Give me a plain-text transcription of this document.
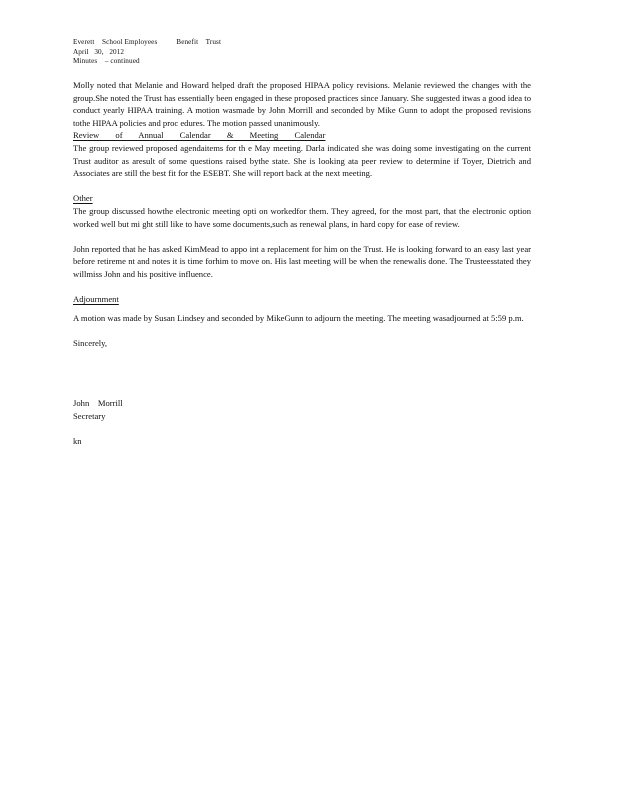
Everett    School Employees          Benefit    Trust
April   30,   2012
Minutes    – continued

Molly noted that Melanie and Howard helped draft the proposed HIPAA policy revisions. Melanie reviewed the changes with the group.She noted the Trust has essentially been engaged in these proposed practices since January. She suggested itwas a good idea to conduct yearly HIPAA training. A motion wasmade by John Morrill and seconded by Mike Gunn to adopt the proposed revisions tothe HIPAA policies and proc edures. The motion passed unanimously.

Review of Annual Calendar & Meeting Calendar

The group reviewed proposed agendaitems for th e May meeting. Darla indicated she was doing some investigating on the current Trust auditor as aresult of some questions raised bythe state. She is looking ata peer review to determine if Toyer, Dietrich and Associates are still the best fit for the ESEBT. She will report back at the next meeting.

Other

The group discussed howthe electronic meeting opti on workedfor them. They agreed, for the most part, that the electronic option worked well but mi ght still like to have some documents,such as renewal plans, in hard copy for ease of review.

John reported that he has asked KimMead to appo int a replacement for him on the Trust. He is looking forward to an easy last year before retireme nt and notes it is time forhim to move on. His last meeting will be when the renewalis done. The Trusteesstated they willmiss John and his positive influence.

Adjournment

A motion was made by Susan Lindsey and seconded by MikeGunn to adjourn the meeting. The meeting wasadjourned at 5:59 p.m.

Sincerely,

John    Morrill

Secretary

kn
